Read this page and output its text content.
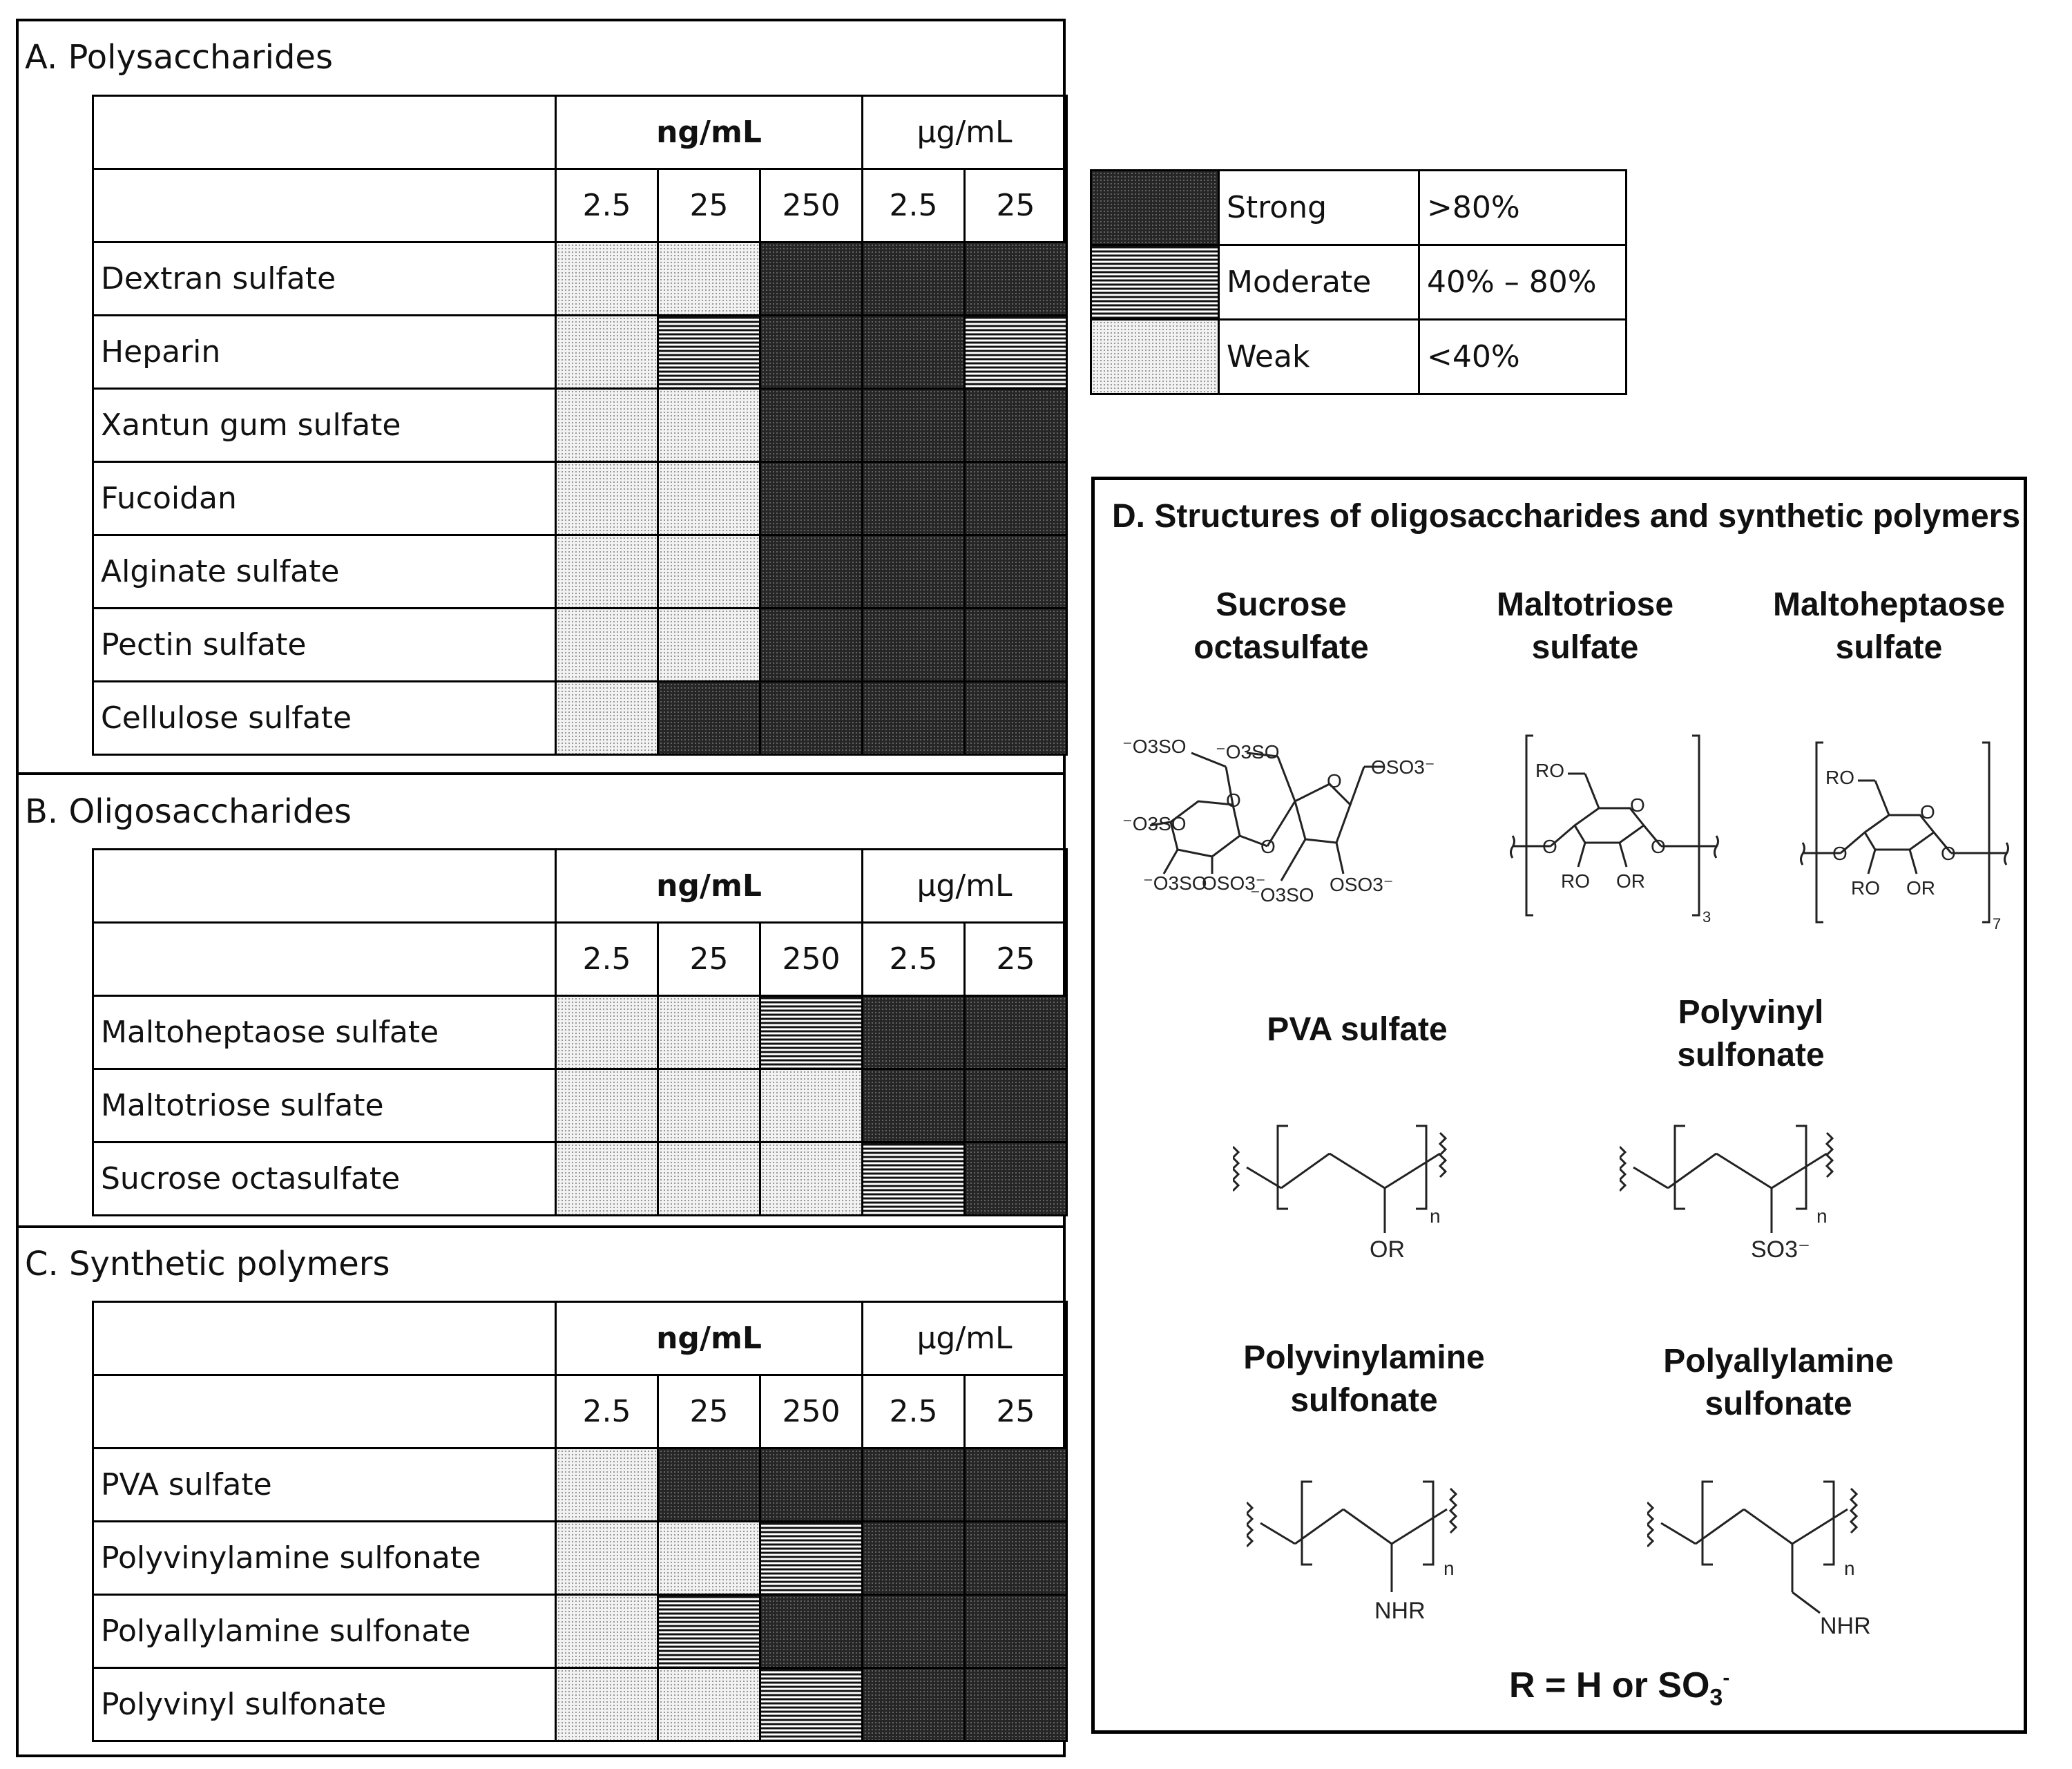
A. Polysaccharides
	ng/mL			µg/mL	
	2.5	25	250	2.5	25
Dextran sulfate					
Heparin					
Xantun gum sulfate					
Fucoidan					
Alginate sulfate					
Pectin sulfate					
Cellulose sulfate					
B. Oligosaccharides
	ng/mL			µg/mL	
	2.5	25	250	2.5	25
Maltoheptaose sulfate					
Maltotriose sulfate					
Sucrose octasulfate					
C. Synthetic polymers
	ng/mL			µg/mL	
	2.5	25	250	2.5	25
PVA sulfate					
Polyvinylamine sulfonate					
Polyallylamine sulfonate					
Polyvinyl sulfonate					
	Strong	>80%
	Moderate	40% – 80%
	Weak	<40%
D. Structures of oligosaccharides and synthetic polymers
Sucrose
octasulfate
Maltotriose
sulfate
Maltoheptaose
sulfate
⁻O3SO ⁻O3SO
OSO3⁻
⁻O3SO
O
O
O
⁻O3SO
OSO3⁻
⁻O3SO OSO3⁻
RO
O
O	O
RO OR
3
RO
O
O	O
RO OR
7
PVA sulfate	Polyvinyl
sulfonate
n
OR
n
SO3⁻
Polyvinylamine
sulfonate
Polyallylamine
sulfonate
n
NHR
n
NHR
R = H or $SO_3^-$
